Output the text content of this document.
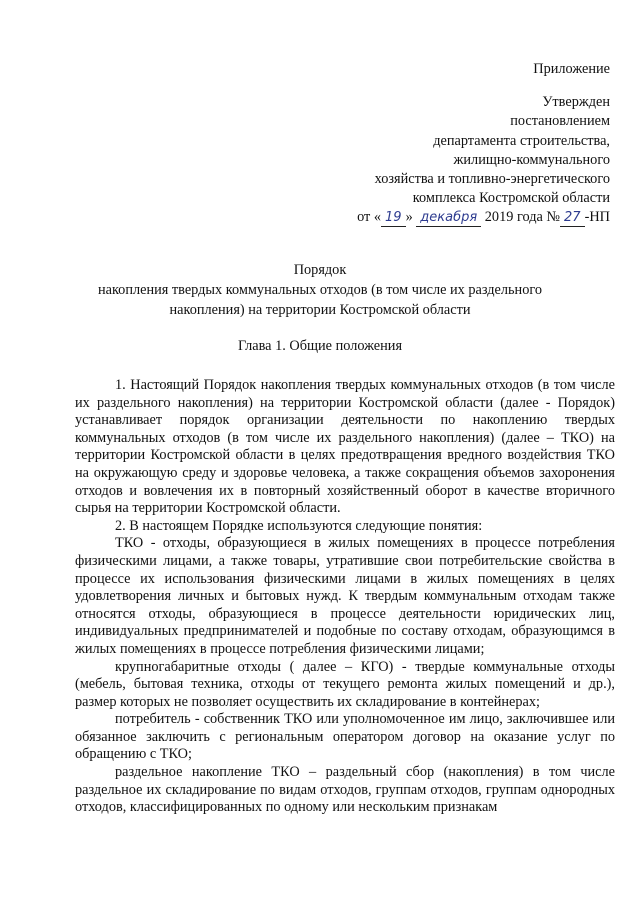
Приложение
Утвержден
постановлением
департамента строительства,
жилищно-коммунального
хозяйства и топливно-энергетического
комплекса Костромской области
от « 19 » декабря 2019 года № 27 -НП
Порядок
накопления твердых коммунальных отходов (в том числе их раздельного накопления) на территории Костромской области
Глава 1. Общие положения

1. Настоящий Порядок накопления твердых коммунальных отходов (в том числе их раздельного накопления) на территории Костромской области (далее - Порядок) устанавливает порядок организации деятельности по накоплению твердых коммунальных отходов (в том числе их раздельного накопления) (далее – ТКО) на территории Костромской области в целях предотвращения вредного воздействия ТКО на окружающую среду и здоровье человека, а также сокращения объемов захоронения отходов и вовлечения их в повторный хозяйственный оборот в качестве вторичного сырья на территории Костромской области.

2. В настоящем Порядке используются следующие понятия:

ТКО - отходы, образующиеся в жилых помещениях в процессе потребления физическими лицами, а также товары, утратившие свои потребительские свойства в процессе их использования физическими лицами в жилых помещениях в целях удовлетворения личных и бытовых нужд. К твердым коммунальным отходам также относятся отходы, образующиеся в процессе деятельности юридических лиц, индивидуальных предпринимателей и подобные по составу отходам, образующимся в жилых помещениях в процессе потребления физическими лицами;

крупногабаритные отходы ( далее – КГО) - твердые коммунальные отходы (мебель, бытовая техника, отходы от текущего ремонта жилых помещений и др.), размер которых не позволяет осуществить их складирование в контейнерах;

потребитель - собственник ТКО или уполномоченное им лицо, заключившее или обязанное заключить с региональным оператором договор на оказание услуг по обращению с ТКО;

раздельное накопление ТКО – раздельный сбор (накопления) в том числе раздельное их складирование по видам отходов, группам отходов, группам однородных отходов, классифицированных по одному или нескольким признакам
